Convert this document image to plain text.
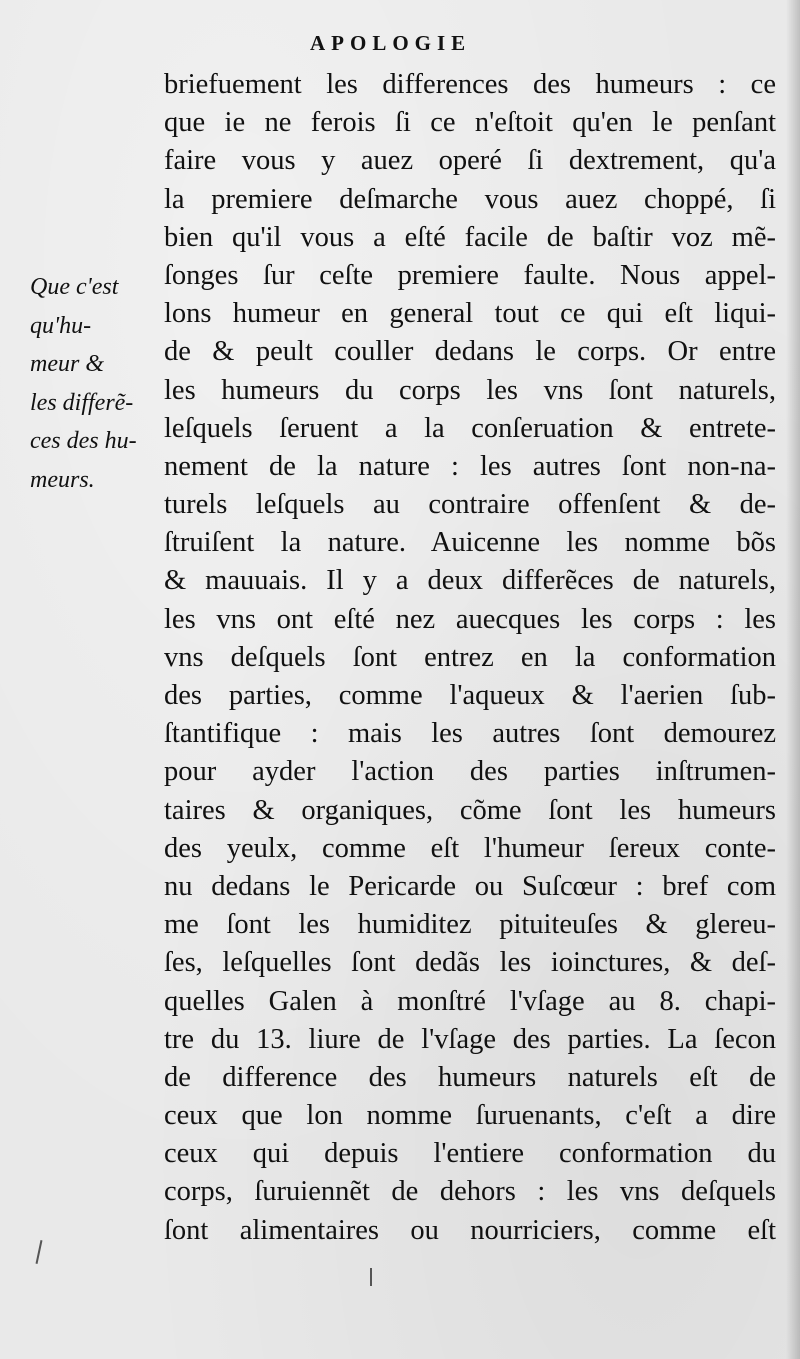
APOLOGIE
Que c'est
qu'hu-
meur &
les differẽ-
ces des hu-
meurs.
briefuement les differences des humeurs : ce
que ie ne ferois ſi ce n'eſtoit qu'en le penſant
faire vous y auez operé ſi dextrement, qu'a
la premiere deſmarche vous auez choppé, ſi
bien qu'il vous a eſté facile de baſtir voz mẽ-
ſonges ſur ceſte premiere faulte. Nous appel-
lons humeur en general tout ce qui eſt liqui-
de & peult couller dedans le corps. Or entre
les humeurs du corps les vns ſont naturels,
leſquels ſeruent a la conſeruation & entrete-
nement de la nature : les autres ſont non-na-
turels leſquels au contraire offenſent & de-
ſtruiſent la nature. Auicenne les nomme bõs
& mauuais. Il y a deux differẽces de naturels,
les vns ont eſté nez auecques les corps : les
vns deſquels ſont entrez en la conformation
des parties, comme l'aqueux & l'aerien ſub-
ſtantifique : mais les autres ſont demourez
pour ayder l'action des parties inſtrumen-
taires & organiques, cõme ſont les humeurs
des yeulx, comme eſt l'humeur ſereux conte-
nu dedans le Pericarde ou Suſcœur : bref com
me ſont les humiditez pituiteuſes & glereu-
ſes, leſquelles ſont dedãs les ioinctures, & deſ-
quelles Galen à monſtré l'vſage au 8. chapi-
tre du 13. liure de l'vſage des parties. La ſecon
de difference des humeurs naturels eſt de
ceux que lon nomme ſuruenants, c'eſt a dire
ceux qui depuis l'entiere conformation du
corps, ſuruiennẽt de dehors : les vns deſquels
ſont alimentaires ou nourriciers, comme eſt
